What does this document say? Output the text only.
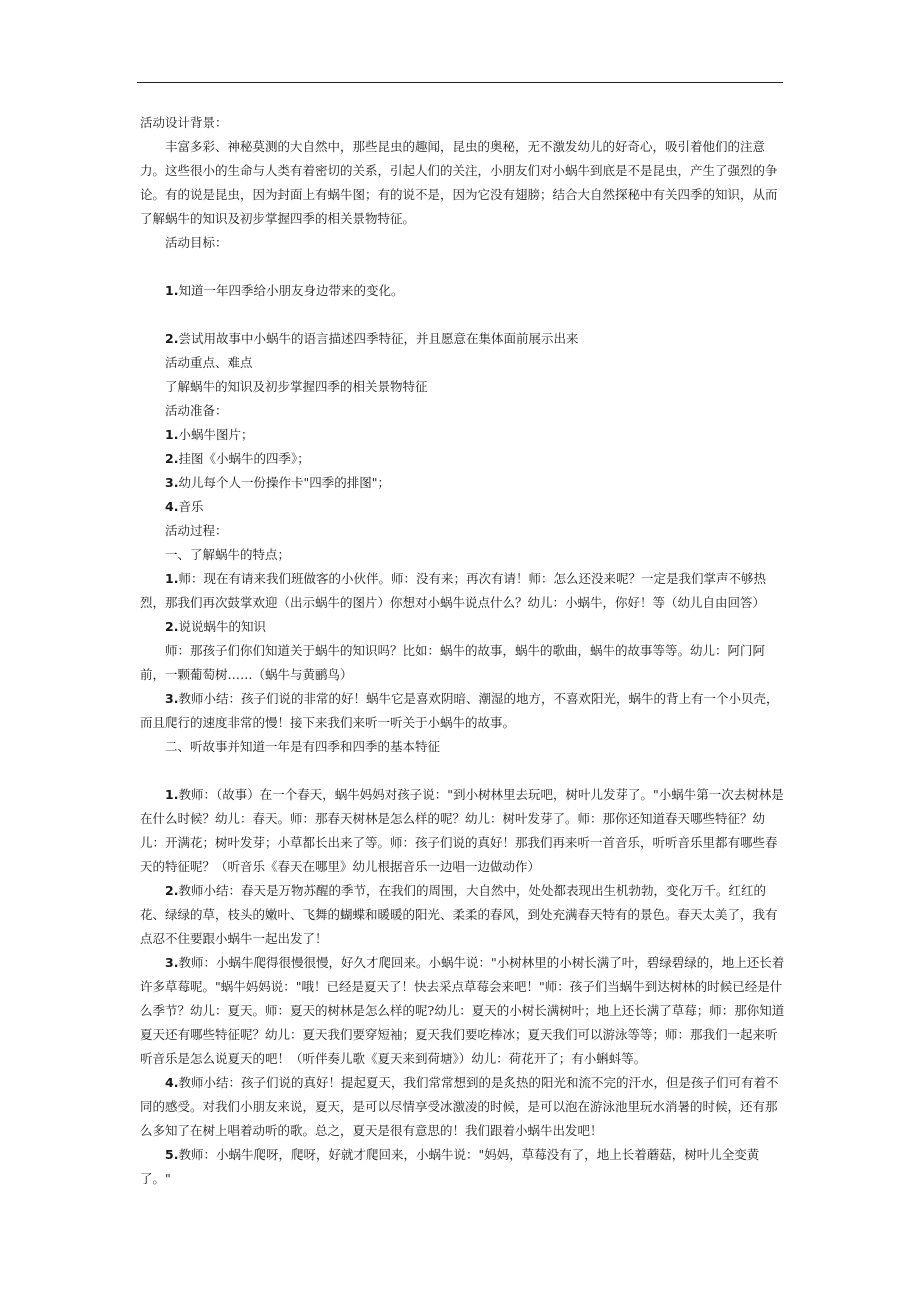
活动设计背景：

丰富多彩、神秘莫测的大自然中，那些昆虫的趣闻，昆虫的奥秘，无不激发幼儿的好奇心，吸引着他们的注意力。这些很小的生命与人类有着密切的关系，引起人们的关注，小朋友们对小蜗牛到底是不是昆虫，产生了强烈的争论。有的说是昆虫，因为封面上有蜗牛图；有的说不是，因为它没有翅膀；结合大自然探秘中有关四季的知识，从而了解蜗牛的知识及初步掌握四季的相关景物特征。

活动目标：

1.知道一年四季给小朋友身边带来的变化。

2.尝试用故事中小蜗牛的语言描述四季特征，并且愿意在集体面前展示出来

活动重点、难点

了解蜗牛的知识及初步掌握四季的相关景物特征

活动准备：

1.小蜗牛图片；

2.挂图《小蜗牛的四季》；

3.幼儿每个人一份操作卡"四季的排图"；

4.音乐

活动过程：

一、了解蜗牛的特点；

1.师：现在有请来我们班做客的小伙伴。师：没有来；再次有请！师：怎么还没来呢？一定是我们掌声不够热烈，那我们再次鼓掌欢迎（出示蜗牛的图片）你想对小蜗牛说点什么？幼儿：小蜗牛，你好！等（幼儿自由回答）

2.说说蜗牛的知识

师：那孩子们你们知道关于蜗牛的知识吗？比如：蜗牛的故事，蜗牛的歌曲，蜗牛的故事等等。幼儿：阿门阿前，一颗葡萄树……（蜗牛与黄鹂鸟）

3.教师小结：孩子们说的非常的好！蜗牛它是喜欢阴暗、潮湿的地方，不喜欢阳光，蜗牛的背上有一个小贝壳，而且爬行的速度非常的慢！接下来我们来听一听关于小蜗牛的故事。

二、听故事并知道一年是有四季和四季的基本特征

1.教师：（故事）在一个春天，蜗牛妈妈对孩子说："到小树林里去玩吧，树叶儿发芽了。"小蜗牛第一次去树林是在什么时候？幼儿：春天。师：那春天树林是怎么样的呢？幼儿：树叶发芽了。师：那你还知道春天哪些特征？幼儿：开满花；树叶发芽；小草都长出来了等。师：孩子们说的真好！那我们再来听一首音乐，听听音乐里都有哪些春天的特征呢？（听音乐《春天在哪里》幼儿根据音乐一边唱一边做动作）

2.教师小结：春天是万物苏醒的季节，在我们的周围，大自然中，处处都表现出生机勃勃，变化万千。红红的花、绿绿的草，枝头的嫩叶、飞舞的蝴蝶和暖暖的阳光、柔柔的春风，到处充满春天特有的景色。春天太美了，我有点忍不住要跟小蜗牛一起出发了！

3.教师：小蜗牛爬得很慢很慢，好久才爬回来。小蜗牛说："小树林里的小树长满了叶，碧绿碧绿的，地上还长着许多草莓呢。"蜗牛妈妈说："哦！已经是夏天了！快去采点草莓会来吧！"师：孩子们当蜗牛到达树林的时候已经是什么季节？幼儿：夏天。师：夏天的树林是怎么样的呢?幼儿：夏天的小树长满树叶；地上还长满了草莓；师：那你知道夏天还有哪些特征呢？幼儿：夏天我们要穿短袖；夏天我们要吃棒冰；夏天我们可以游泳等等；师：那我们一起来听听音乐是怎么说夏天的吧！（听伴奏儿歌《夏天来到荷塘》）幼儿：荷花开了；有小蝌蚪等。

4.教师小结：孩子们说的真好！提起夏天，我们常常想到的是炙热的阳光和流不完的汗水，但是孩子们可有着不同的感受。对我们小朋友来说，夏天，是可以尽情享受冰激凌的时候，是可以泡在游泳池里玩水消暑的时候，还有那么多知了在树上唱着动听的歌。总之，夏天是很有意思的！我们跟着小蜗牛出发吧！

5.教师：小蜗牛爬呀，爬呀，好就才爬回来，小蜗牛说："妈妈，草莓没有了，地上长着蘑菇，树叶儿全变黄了。"
